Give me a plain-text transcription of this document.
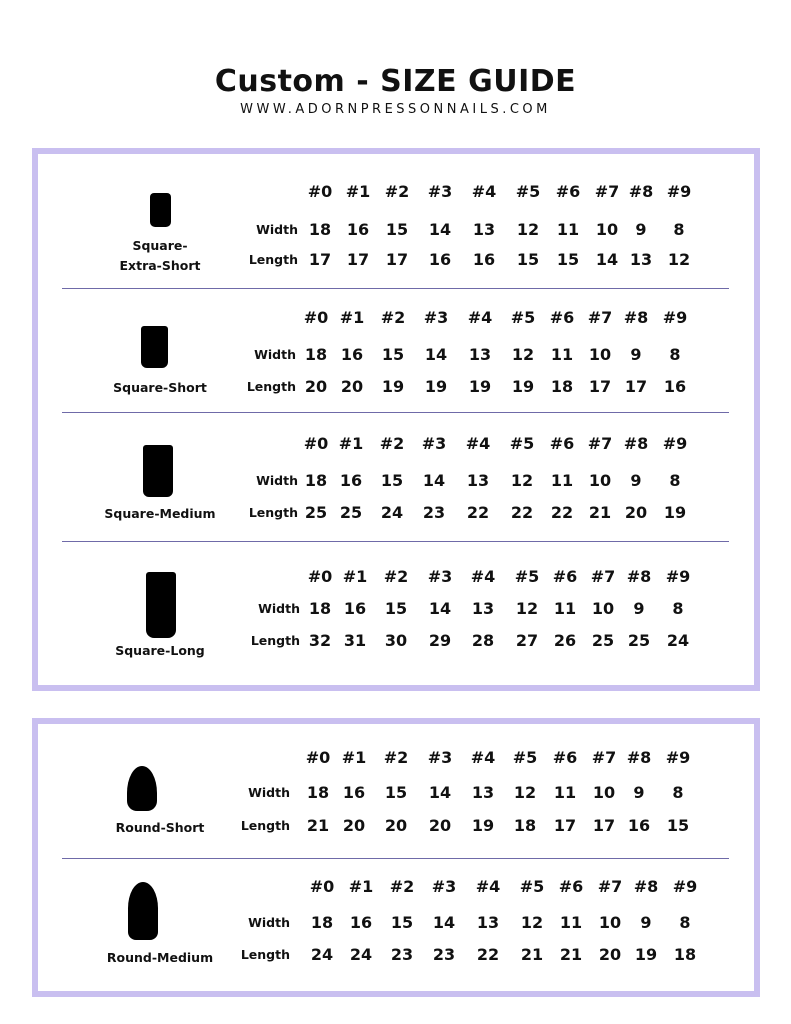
Custom - SIZE GUIDE
WWW.ADORNPRESSONNAILS.COM
Square-
Extra-Short
Width
Length
#0
18
17
#1
16
17
#2
15
17
#3
14
16
#4
13
16
#5
12
15
#6
11
15
#7
10
14
#8
9
13
#9
8
12
Square-Short
Width
Length
#0
18
20
#1
16
20
#2
15
19
#3
14
19
#4
13
19
#5
12
19
#6
11
18
#7
10
17
#8
9
17
#9
8
16
Square-Medium
Width
Length
#0
18
25
#1
16
25
#2
15
24
#3
14
23
#4
13
22
#5
12
22
#6
11
22
#7
10
21
#8
9
20
#9
8
19
Square-Long
Width
Length
#0
18
32
#1
16
31
#2
15
30
#3
14
29
#4
13
28
#5
12
27
#6
11
26
#7
10
25
#8
9
25
#9
8
24
Round-Short
Width
Length
#0
18
21
#1
16
20
#2
15
20
#3
14
20
#4
13
19
#5
12
18
#6
11
17
#7
10
17
#8
9
16
#9
8
15
Round-Medium
Width
Length
#0
18
24
#1
16
24
#2
15
23
#3
14
23
#4
13
22
#5
12
21
#6
11
21
#7
10
20
#8
9
19
#9
8
18
